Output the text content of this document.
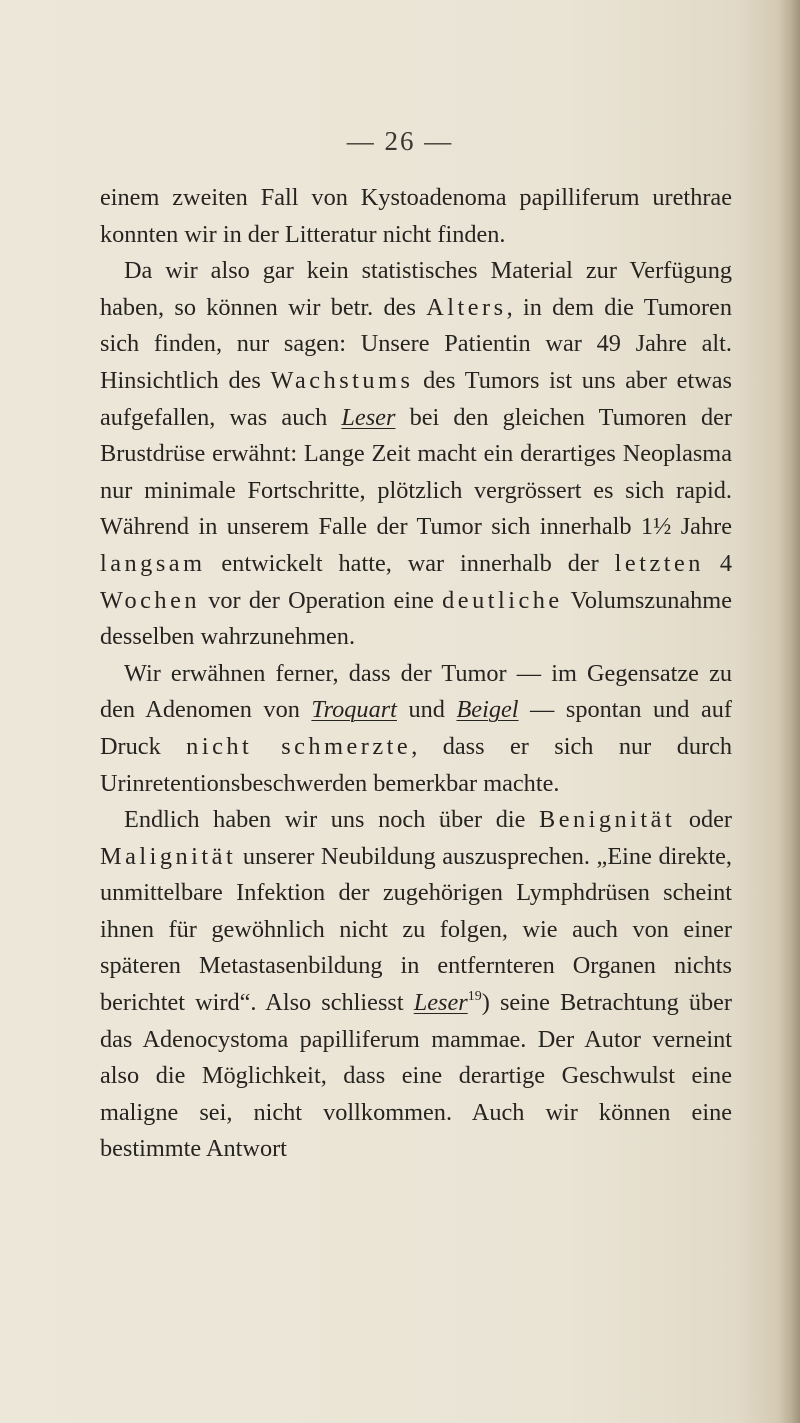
— 26 —

einem zweiten Fall von Kystoadenoma papilliferum urethrae konnten wir in der Litteratur nicht finden.

Da wir also gar kein statistisches Material zur Verfügung haben, so können wir betr. des Alters, in dem die Tumoren sich finden, nur sagen: Unsere Patientin war 49 Jahre alt. Hinsichtlich des Wachstums des Tumors ist uns aber etwas aufgefallen, was auch Leser bei den gleichen Tumoren der Brustdrüse erwähnt: Lange Zeit macht ein derartiges Neoplasma nur minimale Fortschritte, plötzlich vergrössert es sich rapid. Während in unserem Falle der Tumor sich innerhalb 1½ Jahre langsam entwickelt hatte, war innerhalb der letzten 4 Wochen vor der Operation eine deutliche Volumszunahme desselben wahrzunehmen.

Wir erwähnen ferner, dass der Tumor — im Gegensatze zu den Adenomen von Troquart und Beigel — spontan und auf Druck nicht schmerzte, dass er sich nur durch Urinretentionsbeschwerden bemerkbar machte.

Endlich haben wir uns noch über die Benignität oder Malignität unserer Neubildung auszusprechen. „Eine direkte, unmittelbare Infektion der zugehörigen Lymphdrüsen scheint ihnen für gewöhnlich nicht zu folgen, wie auch von einer späteren Metastasenbildung in entfernteren Organen nichts berichtet wird“. Also schliesst Leser$^{19}$) seine Betrachtung über das Adenocystoma papilliferum mammae. Der Autor verneint also die Möglichkeit, dass eine derartige Geschwulst eine maligne sei, nicht vollkommen. Auch wir können eine bestimmte Antwort
